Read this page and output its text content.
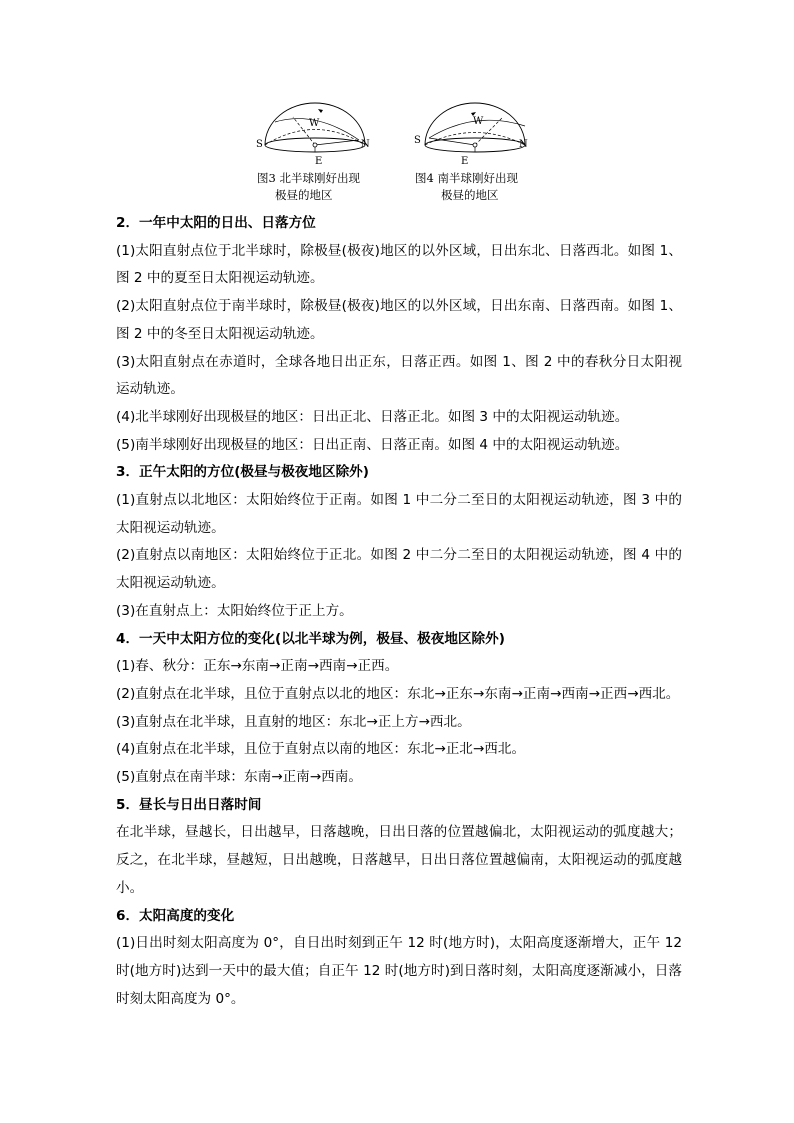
S	N
W
E
图3 北半球刚好出现
极昼的地区
S	N
W
E
图4 南半球刚好出现
极昼的地区
2．一年中太阳的日出、日落方位
(1)太阳直射点位于北半球时，除极昼(极夜)地区的以外区域，日出东北、日落西北。如图 1、图 2 中的夏至日太阳视运动轨迹。
(2)太阳直射点位于南半球时，除极昼(极夜)地区的以外区域，日出东南、日落西南。如图 1、图 2 中的冬至日太阳视运动轨迹。
(3)太阳直射点在赤道时，全球各地日出正东，日落正西。如图 1、图 2 中的春秋分日太阳视运动轨迹。
(4)北半球刚好出现极昼的地区：日出正北、日落正北。如图 3 中的太阳视运动轨迹。
(5)南半球刚好出现极昼的地区：日出正南、日落正南。如图 4 中的太阳视运动轨迹。
3．正午太阳的方位(极昼与极夜地区除外)
(1)直射点以北地区：太阳始终位于正南。如图 1 中二分二至日的太阳视运动轨迹，图 3 中的太阳视运动轨迹。
(2)直射点以南地区：太阳始终位于正北。如图 2 中二分二至日的太阳视运动轨迹，图 4 中的太阳视运动轨迹。
(3)在直射点上：太阳始终位于正上方。
4．一天中太阳方位的变化(以北半球为例，极昼、极夜地区除外)
(1)春、秋分：正东→东南→正南→西南→正西。
(2)直射点在北半球，且位于直射点以北的地区：东北→正东→东南→正南→西南→正西→西北。
(3)直射点在北半球，且直射的地区：东北→正上方→西北。
(4)直射点在北半球，且位于直射点以南的地区：东北→正北→西北。
(5)直射点在南半球：东南→正南→西南。
5．昼长与日出日落时间
在北半球，昼越长，日出越早，日落越晚，日出日落的位置越偏北，太阳视运动的弧度越大；反之，在北半球，昼越短，日出越晚，日落越早，日出日落位置越偏南，太阳视运动的弧度越小。
6．太阳高度的变化
(1)日出时刻太阳高度为 0°，自日出时刻到正午 12 时(地方时)，太阳高度逐渐增大，正午 12 时(地方时)达到一天中的最大值；自正午 12 时(地方时)到日落时刻，太阳高度逐渐减小，日落时刻太阳高度为 0°。
